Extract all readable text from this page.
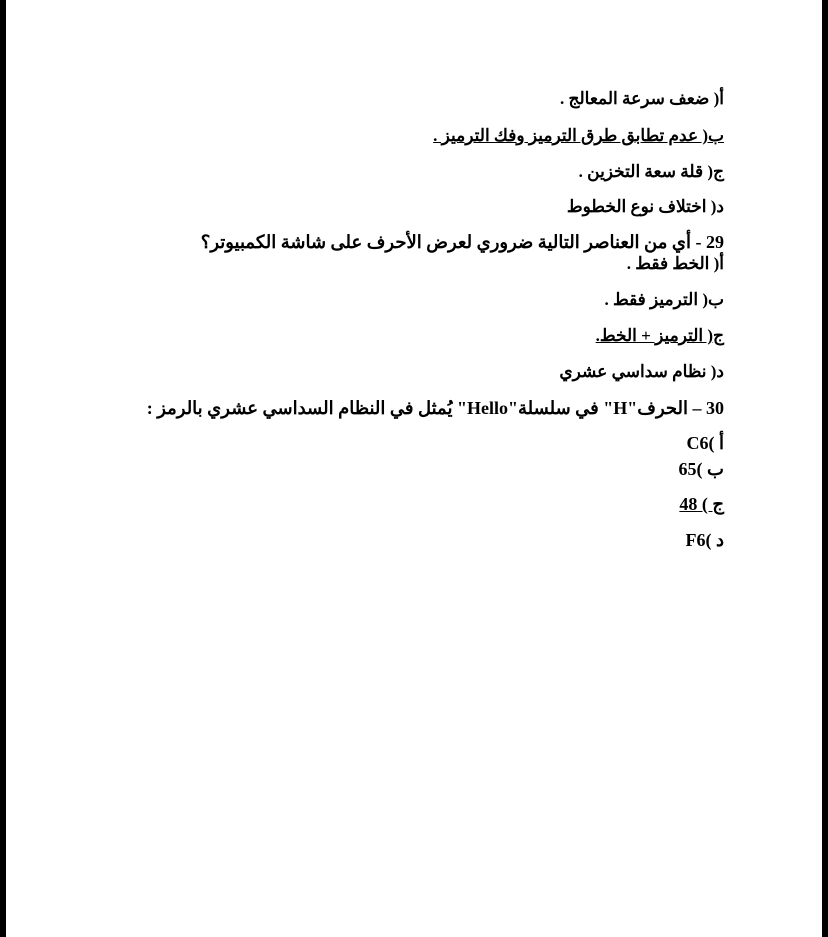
أ( ضعف سرعة المعالج .
ب( عدم تطابق طرق الترميز وفك الترميز .
ج( قلة سعة التخزين .
د( اختلاف نوع الخطوط
29 - أي من العناصر التالية ضروري لعرض الأحرف على شاشة الكمبيوتر؟
أ( الخط فقط .
ب( الترميز فقط .
ج( الترميز + الخط.
د( نظام سداسي عشري
30 – الحرف"H" في سلسلة"Hello" يُمثل في النظام السداسي عشري بالرمز :
أ )C6
ب )65
ج ) 48
د )F6
